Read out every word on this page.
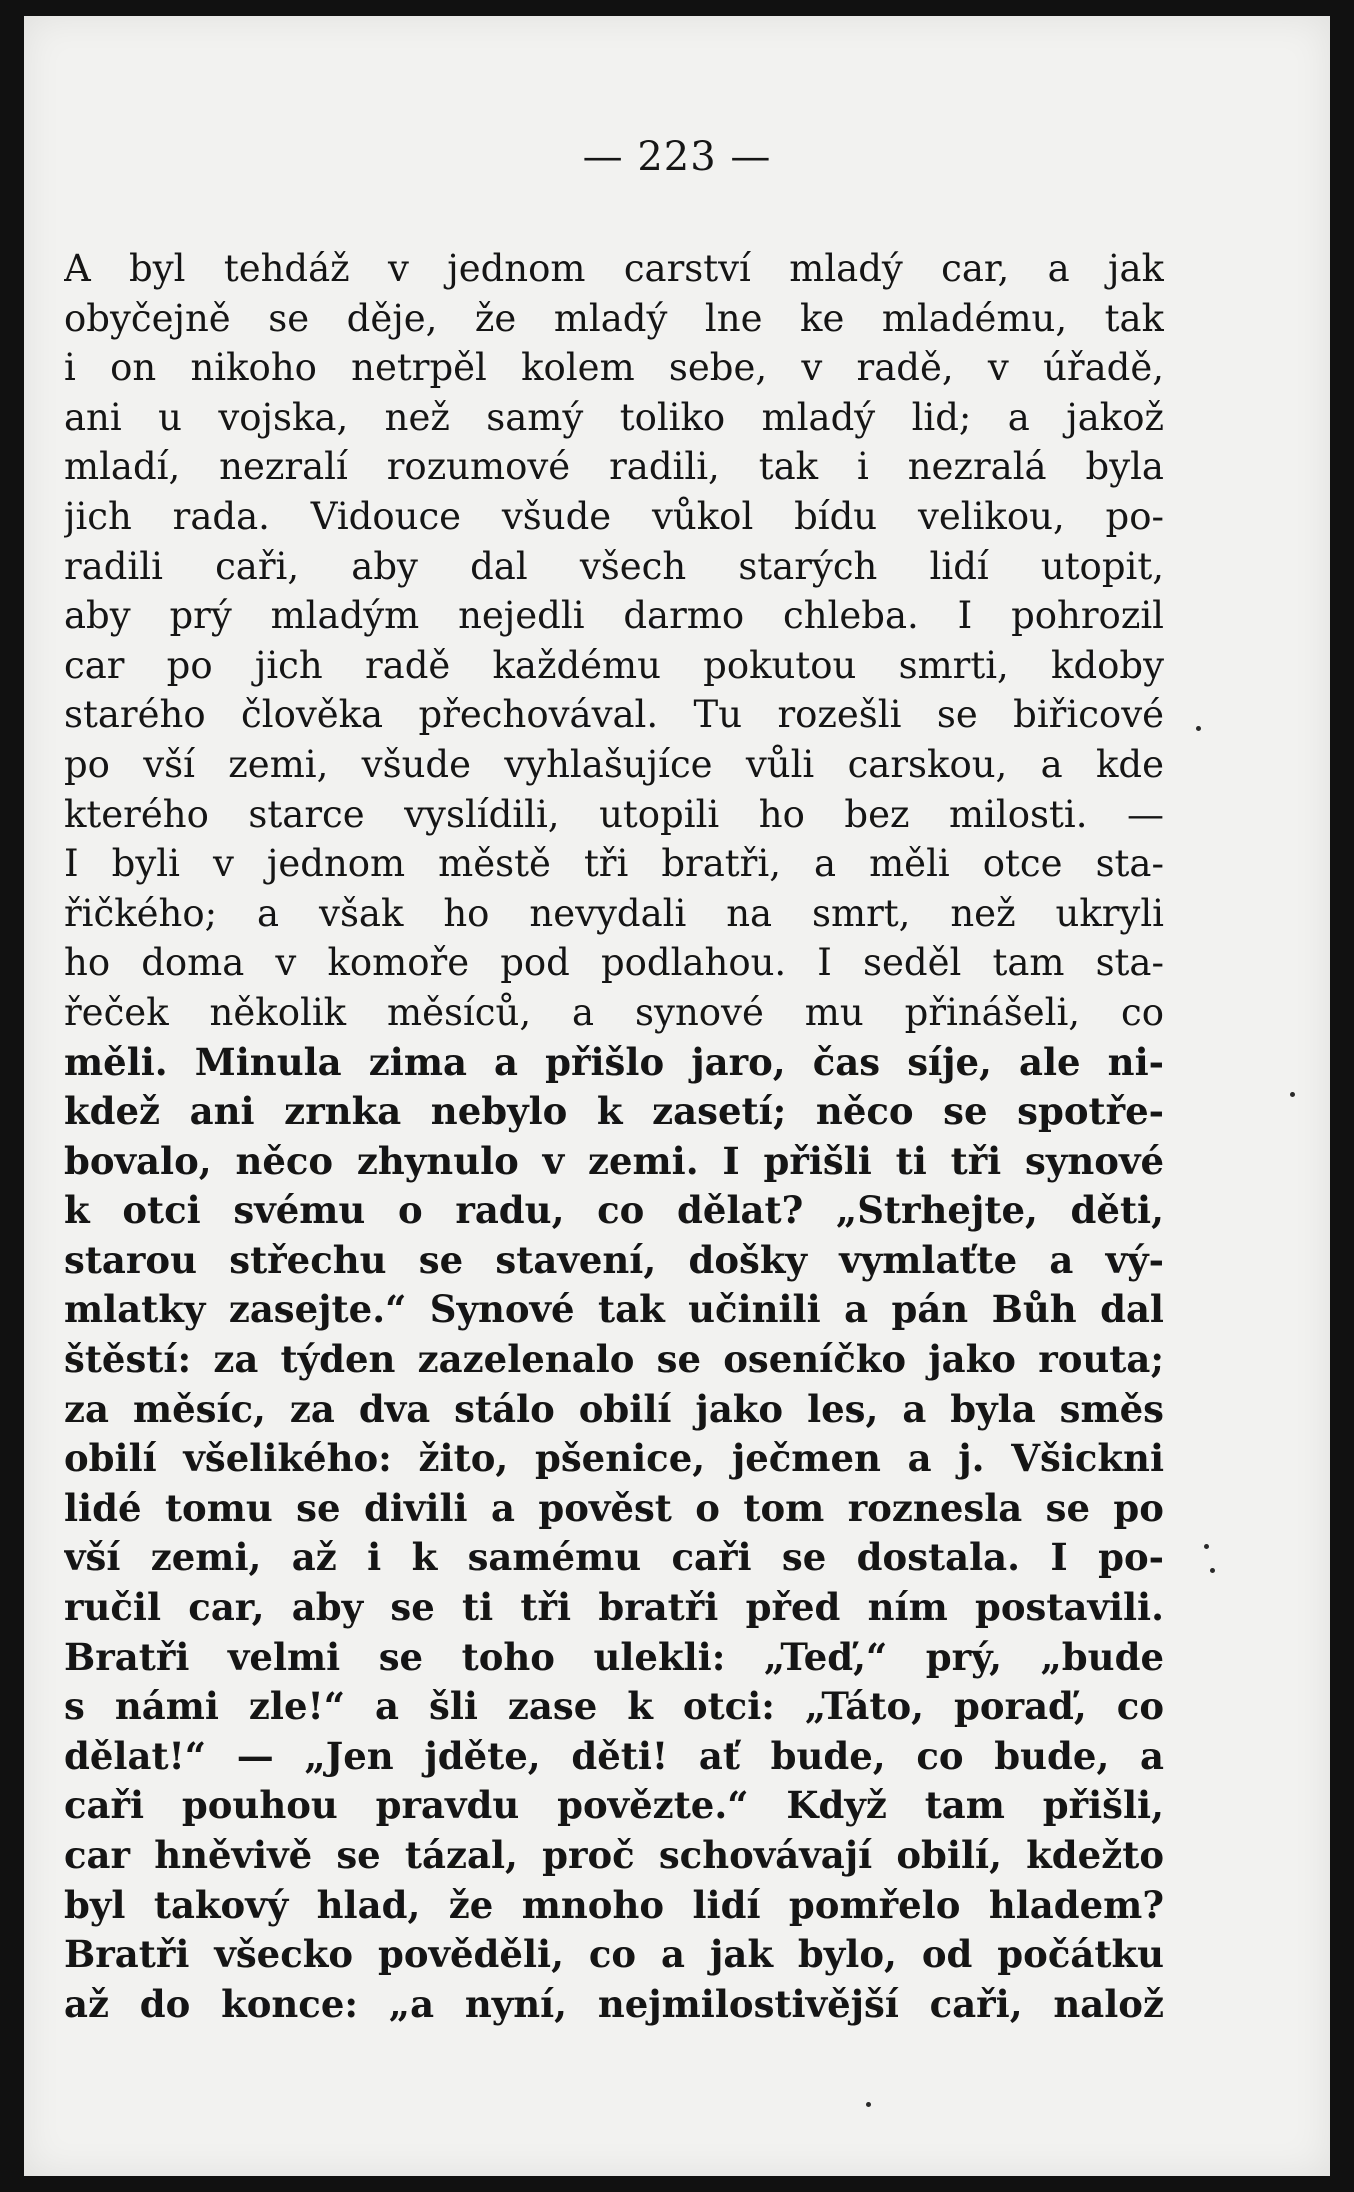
— 223 —
A byl tehdáž v jednom carství mladý car, a jak
obyčejně se děje, že mladý lne ke mladému, tak
i on nikoho netrpěl kolem sebe, v radě, v úřadě,
ani u vojska, než samý toliko mladý lid; a jakož
mladí, nezralí rozumové radili, tak i nezralá byla
jich rada. Vidouce všude vůkol bídu velikou, po-
radili caři, aby dal všech starých lidí utopit,
aby prý mladým nejedli darmo chleba. I pohrozil
car po jich radě každému pokutou smrti, kdoby
starého člověka přechovával. Tu rozešli se biřicové
po vší zemi, všude vyhlašujíce vůli carskou, a kde
kterého starce vyslídili, utopili ho bez milosti. —
I byli v jednom městě tři bratři, a měli otce sta-
řičkého; a však ho nevydali na smrt, než ukryli
ho doma v komoře pod podlahou. I seděl tam sta-
řeček několik měsíců, a synové mu přinášeli, co
měli. Minula zima a přišlo jaro, čas síje, ale ni-
kdež ani zrnka nebylo k zasetí; něco se spotře-
bovalo, něco zhynulo v zemi. I přišli ti tři synové
k otci svému o radu, co dělat? „Strhejte, děti,
starou střechu se stavení, došky vymlaťte a vý-
mlatky zasejte.“ Synové tak učinili a pán Bůh dal
štěstí: za týden zazelenalo se oseníčko jako routa;
za měsíc, za dva stálo obilí jako les, a byla směs
obilí všelikého: žito, pšenice, ječmen a j. Všickni
lidé tomu se divili a pověst o tom roznesla se po
vší zemi, až i k samému caři se dostala. I po-
ručil car, aby se ti tři bratři před ním postavili.
Bratři velmi se toho ulekli: „Teď,“ prý, „bude
s námi zle!“ a šli zase k otci: „Táto, poraď, co
dělat!“ — „Jen jděte, děti! ať bude, co bude, a
caři pouhou pravdu povězte.“ Když tam přišli,
car hněvivě se tázal, proč schovávají obilí, kdežto
byl takový hlad, že mnoho lidí pomřelo hladem?
Bratři všecko pověděli, co a jak bylo, od počátku
až do konce: „a nyní, nejmilostivější caři, nalož
